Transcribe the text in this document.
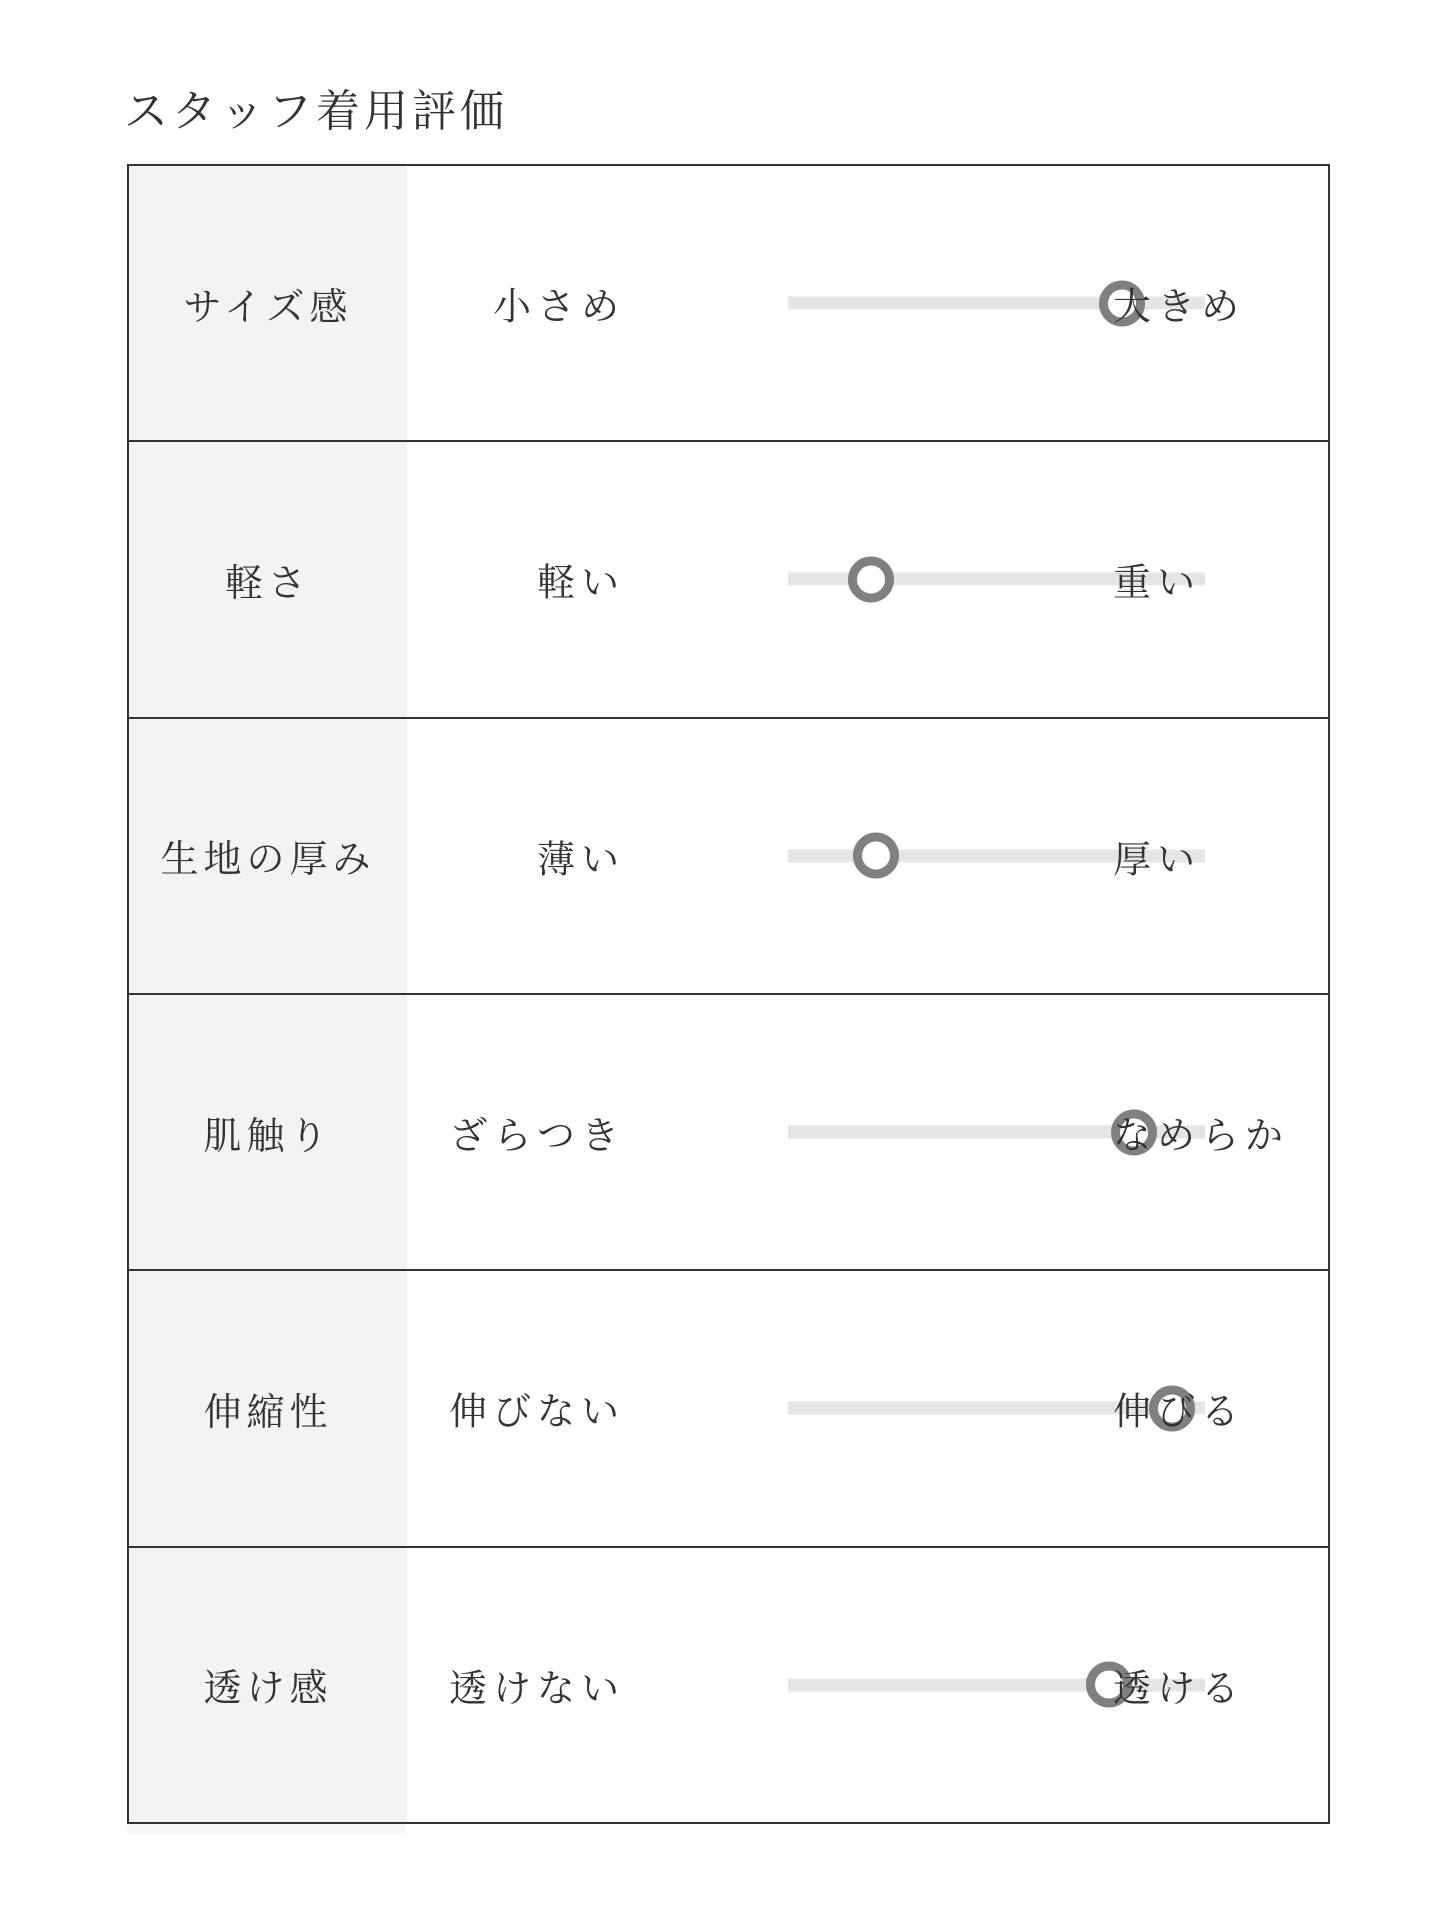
スタッフ着用評価
サイズ感	小さめ	大きめ
軽さ	軽い	重い
生地の厚み	薄い	厚い
肌触り	ざらつき	なめらか
伸縮性	伸びない	伸びる
透け感	透けない	透ける
